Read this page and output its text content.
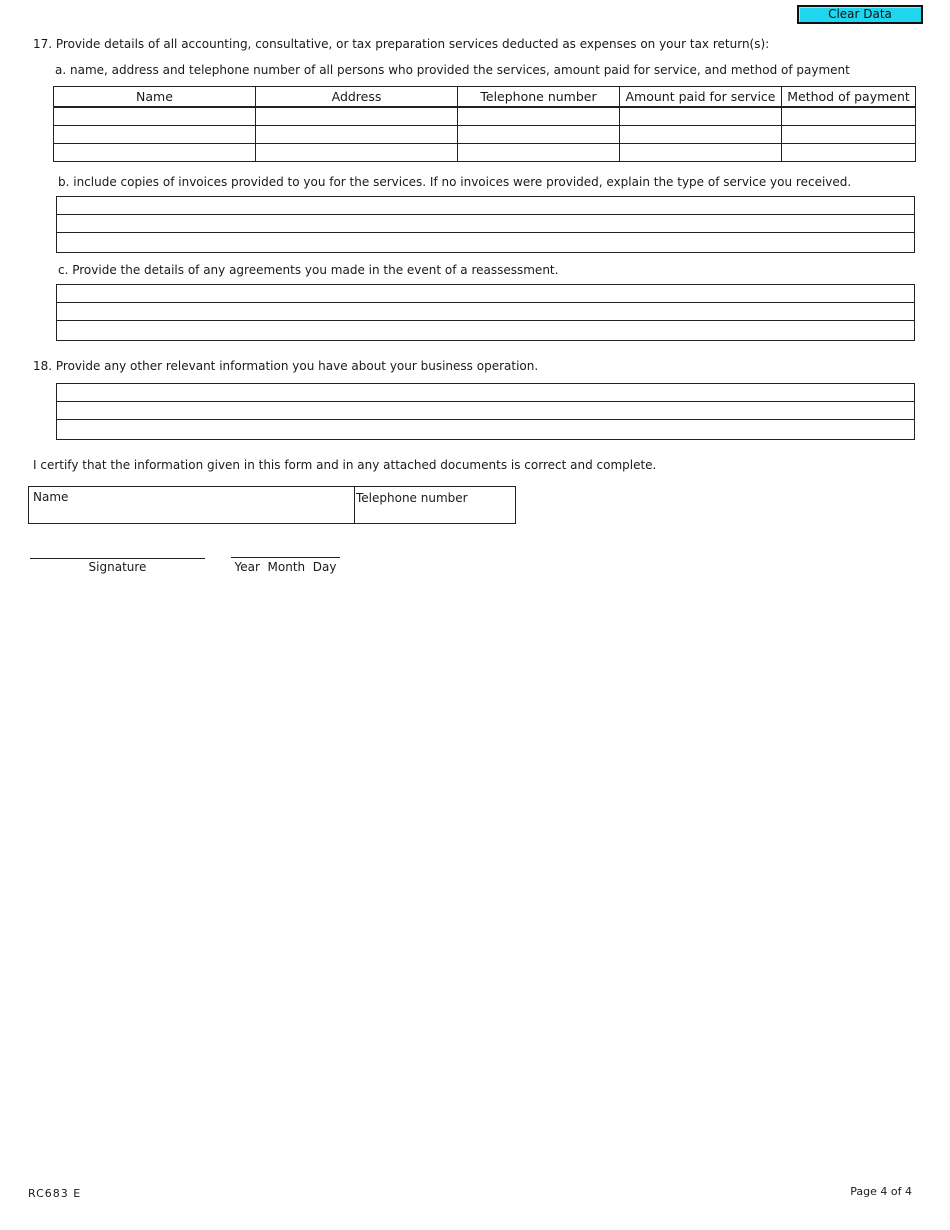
Clear Data
17. Provide details of all accounting, consultative, or tax preparation services deducted as expenses on your tax return(s):
a. name, address and telephone number of all persons who provided the services, amount paid for service, and method of payment
Name	Address	Telephone number	Amount paid for service	Method of payment

b. include copies of invoices provided to you for the services. If no invoices were provided, explain the type of service you received.
c. Provide the details of any agreements you made in the event of a reassessment.
18. Provide any other relevant information you have about your business operation.
I certify that the information given in this form and in any attached documents is correct and complete.
Name	Telephone number
Signature	Year  Month  Day
RC683 E	Page 4 of 4
